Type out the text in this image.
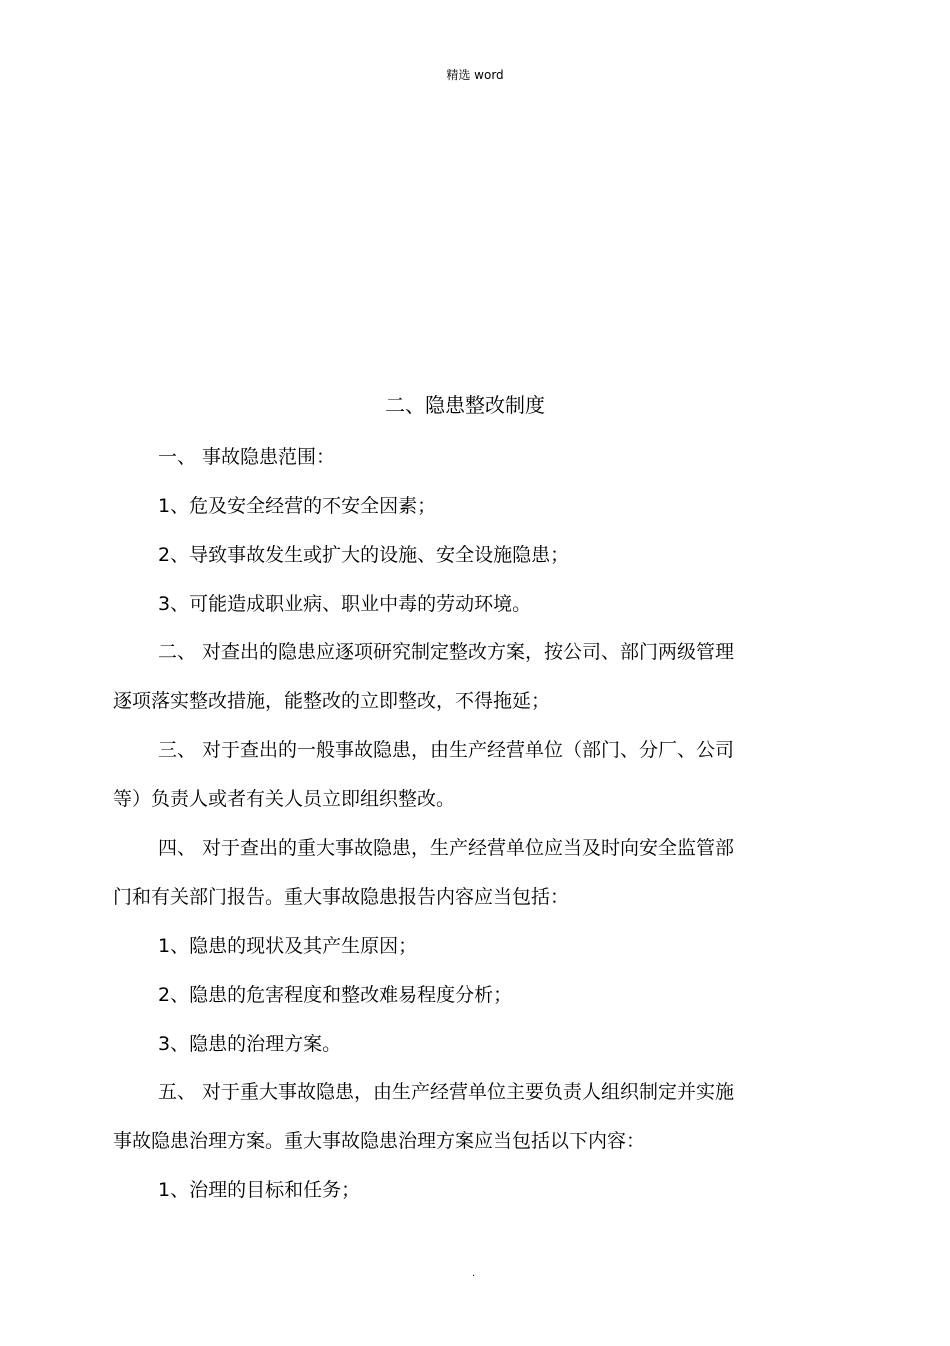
精选 word
二、隐患整改制度
一、 事故隐患范围：
1、危及安全经营的不安全因素；
2、导致事故发生或扩大的设施、安全设施隐患；
3、可能造成职业病、职业中毒的劳动环境。
二、 对查出的隐患应逐项研究制定整改方案，按公司、部门两级管理
逐项落实整改措施，能整改的立即整改，不得拖延；
三、 对于查出的一般事故隐患，由生产经营单位（部门、分厂、公司
等）负责人或者有关人员立即组织整改。
四、 对于查出的重大事故隐患，生产经营单位应当及时向安全监管部
门和有关部门报告。重大事故隐患报告内容应当包括：
1、隐患的现状及其产生原因；
2、隐患的危害程度和整改难易程度分析；
3、隐患的治理方案。
五、 对于重大事故隐患，由生产经营单位主要负责人组织制定并实施
事故隐患治理方案。重大事故隐患治理方案应当包括以下内容：
1、治理的目标和任务；
.
